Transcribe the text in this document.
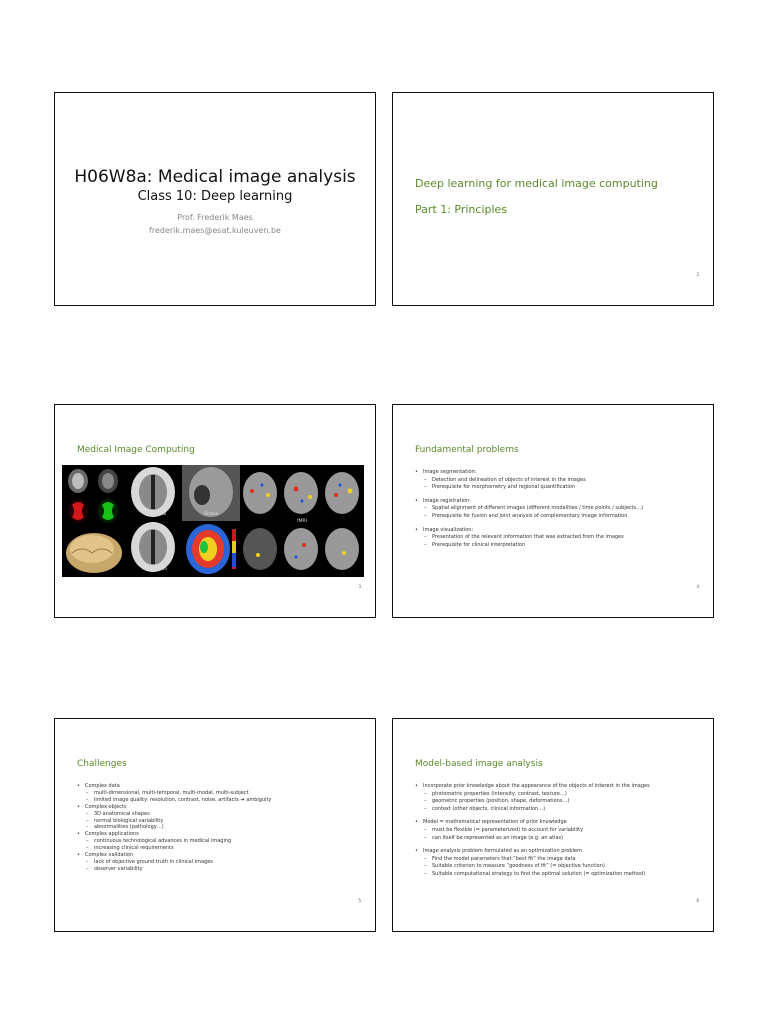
H06W8a: Medical image analysis
Class 10: Deep learning
Prof. Frederik Maes
frederik.maes@esat.kuleuven.be
Deep learning for medical image computing
Part 1: Principles
2
Medical Image Computing
Normal	Stroke
fMRI
Huntington
3
Fundamental problems
• Image segmentation:
– Detection and delineation of objects of interest in the images
– Prerequisite for morphometry and regional quantification
• Image registration:
– Spatial alignment of different images (different modalities / time points / subjects…)
– Prerequisite for fusion and joint analysis of complementary image information
• Image visualization:
– Presentation of the relevant information that was extracted from the images
– Prerequisite for clinical interpretation
4
Challenges
• Complex data
– multi-dimensional, multi-temporal, multi-modal, multi-subject
– limited image quality: resolution, contrast, noise, artifacts ➔ ambiguity
• Complex objects
– 3D anatomical shapes
– normal biological variability
– abnormalities (pathology…)
• Complex applications
– continuous technological advances in medical imaging
– increasing clinical requirements
• Complex validation
– lack of objective ground truth in clinical images
– observer variability
5
Model-based image analysis
• Incorporate prior knowledge about the appearance of the objects of interest in the images
– photometric properties (intensity, contrast, texture…)
– geometric properties (position, shape, deformations…)
– context (other objects, clinical information…)
• Model = mathematical representation of prior knowledge
– must be flexible (= parameterized) to account for variability
– can itself be represented as an image (e.g. an atlas)
• Image analysis problem formulated as an optimization problem
– Find the model parameters that “best fit” the image data
– Suitable criterion to measure “goodness of fit” (= objective function)
– Suitable computational strategy to find the optimal solution (= optimization method)
6
